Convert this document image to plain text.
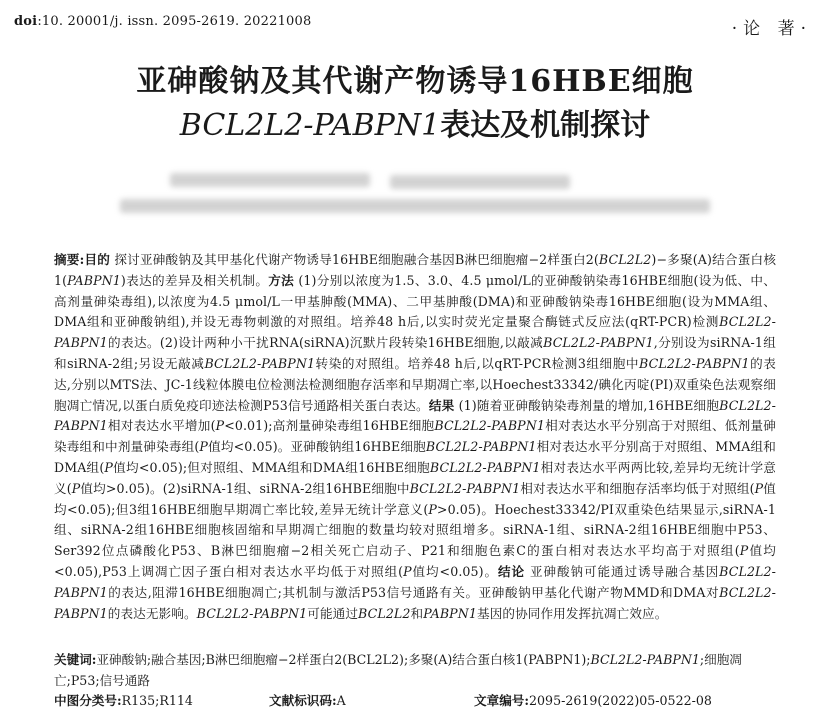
doi:10. 20001/j. issn. 2095-2619. 20221008	·论 著·
亚砷酸钠及其代谢产物诱导16HBE细胞
BCL2L2-PABPN1表达及机制探讨
摘要:目的 探讨亚砷酸钠及其甲基化代谢产物诱导16HBE细胞融合基因B淋巴细胞瘤−2样蛋白2(BCL2L2)−多聚(A)结合蛋白核1(PABPN1)表达的差异及相关机制。方法 (1)分别以浓度为1.5、3.0、4.5 μmol/L的亚砷酸钠染毒16HBE细胞(设为低、中、高剂量砷染毒组),以浓度为4.5 μmol/L一甲基胂酸(MMA)、二甲基胂酸(DMA)和亚砷酸钠染毒16HBE细胞(设为MMA组、DMA组和亚砷酸钠组),并设无毒物刺激的对照组。培养48 h后,以实时荧光定量聚合酶链式反应法(qRT-PCR)检测BCL2L2-PABPN1的表达。(2)设计两种小干扰RNA(siRNA)沉默片段转染16HBE细胞,以敲减BCL2L2-PABPN1,分别设为siRNA-1组和siRNA-2组;另设无敲减BCL2L2-PABPN1转染的对照组。培养48 h后,以qRT-PCR检测3组细胞中BCL2L2-PABPN1的表达,分别以MTS法、JC-1线粒体膜电位检测法检测细胞存活率和早期凋亡率,以Hoechest33342/碘化丙啶(PI)双重染色法观察细胞凋亡情况,以蛋白质免疫印迹法检测P53信号通路相关蛋白表达。结果 (1)随着亚砷酸钠染毒剂量的增加,16HBE细胞BCL2L2-PABPN1相对表达水平增加(P<0.01);高剂量砷染毒组16HBE细胞BCL2L2-PABPN1相对表达水平分别高于对照组、低剂量砷染毒组和中剂量砷染毒组(P值均<0.05)。亚砷酸钠组16HBE细胞BCL2L2-PABPN1相对表达水平分别高于对照组、MMA组和DMA组(P值均<0.05);但对照组、MMA组和DMA组16HBE细胞BCL2L2-PABPN1相对表达水平两两比较,差异均无统计学意义(P值均>0.05)。(2)siRNA-1组、siRNA-2组16HBE细胞中BCL2L2-PABPN1相对表达水平和细胞存活率均低于对照组(P值均<0.05);但3组16HBE细胞早期凋亡率比较,差异无统计学意义(P>0.05)。Hoechest33342/PI双重染色结果显示,siRNA-1组、siRNA-2组16HBE细胞核固缩和早期凋亡细胞的数量均较对照组增多。siRNA-1组、siRNA-2组16HBE细胞中P53、Ser392位点磷酸化P53、B淋巴细胞瘤−2相关死亡启动子、P21和细胞色素C的蛋白相对表达水平均高于对照组(P值均<0.05),P53上调凋亡因子蛋白相对表达水平均低于对照组(P值均<0.05)。结论 亚砷酸钠可能通过诱导融合基因BCL2L2-PABPN1的表达,阻滞16HBE细胞凋亡;其机制与激活P53信号通路有关。亚砷酸钠甲基化代谢产物MMD和DMA对BCL2L2-PABPN1的表达无影响。BCL2L2-PABPN1可能通过BCL2L2和PABPN1基因的协同作用发挥抗凋亡效应。
关键词:亚砷酸钠;融合基因;B淋巴细胞瘤−2样蛋白2(BCL2L2);多聚(A)结合蛋白核1(PABPN1);BCL2L2-PABPN1;细胞凋亡;P53;信号通路
中图分类号:R135;R114	文献标识码:A	文章编号:2095-2619(2022)05-0522-08
